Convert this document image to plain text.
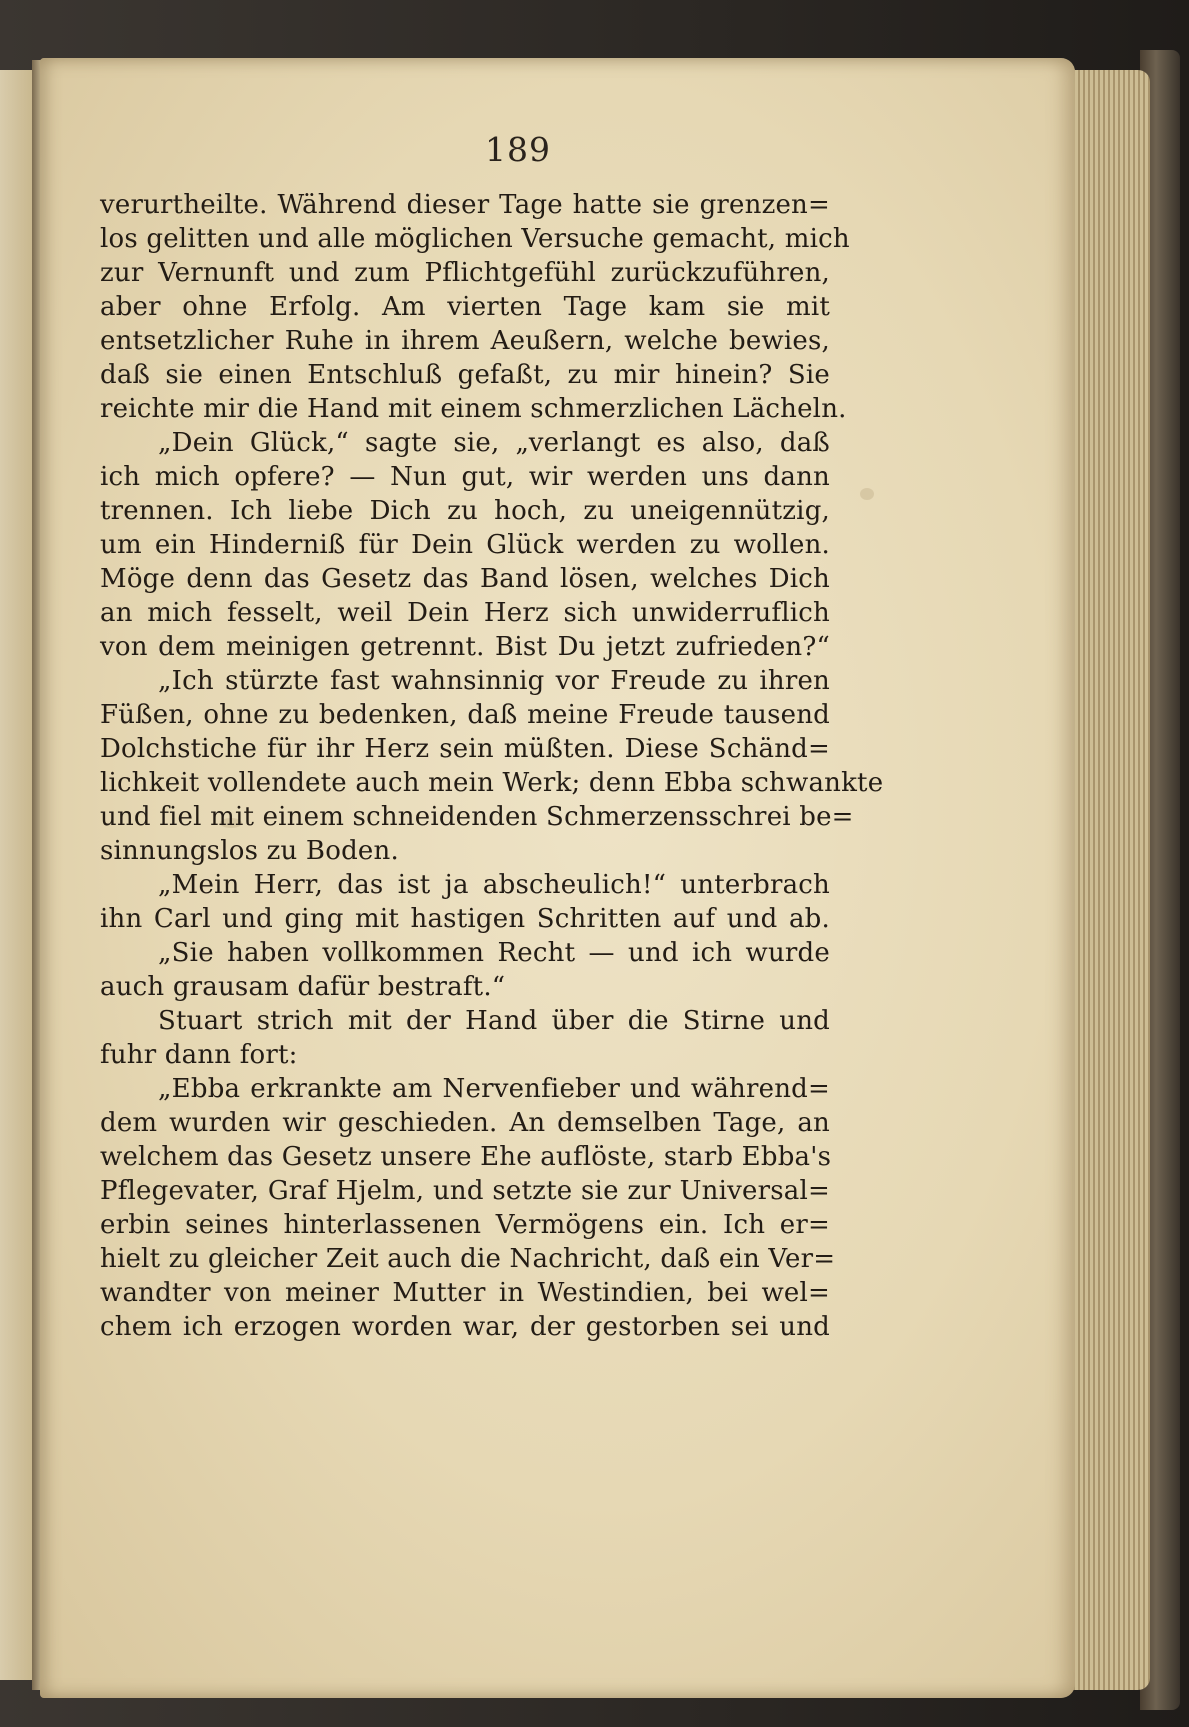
189
verurtheilte. Während dieser Tage hatte sie grenzen=
los gelitten und alle möglichen Versuche gemacht, mich
zur Vernunft und zum Pflichtgefühl zurückzuführen,
aber ohne Erfolg. Am vierten Tage kam sie mit
entsetzlicher Ruhe in ihrem Aeußern, welche bewies,
daß sie einen Entschluß gefaßt, zu mir hinein? Sie
reichte mir die Hand mit einem schmerzlichen Lächeln.
„Dein Glück,“ sagte sie, „verlangt es also, daß
ich mich opfere? — Nun gut, wir werden uns dann
trennen. Ich liebe Dich zu hoch, zu uneigennützig,
um ein Hinderniß für Dein Glück werden zu wollen.
Möge denn das Gesetz das Band lösen, welches Dich
an mich fesselt, weil Dein Herz sich unwiderruflich
von dem meinigen getrennt. Bist Du jetzt zufrieden?“
„Ich stürzte fast wahnsinnig vor Freude zu ihren
Füßen, ohne zu bedenken, daß meine Freude tausend
Dolchstiche für ihr Herz sein müßten. Diese Schänd=
lichkeit vollendete auch mein Werk; denn Ebba schwankte
und fiel mit einem schneidenden Schmerzensschrei be=
sinnungslos zu Boden.
„Mein Herr, das ist ja abscheulich!“ unterbrach
ihn Carl und ging mit hastigen Schritten auf und ab.
„Sie haben vollkommen Recht — und ich wurde
auch grausam dafür bestraft.“
Stuart strich mit der Hand über die Stirne und
fuhr dann fort:
„Ebba erkrankte am Nervenfieber und während=
dem wurden wir geschieden. An demselben Tage, an
welchem das Gesetz unsere Ehe auflöste, starb Ebba's
Pflegevater, Graf Hjelm, und setzte sie zur Universal=
erbin seines hinterlassenen Vermögens ein. Ich er=
hielt zu gleicher Zeit auch die Nachricht, daß ein Ver=
wandter von meiner Mutter in Westindien, bei wel=
chem ich erzogen worden war, der gestorben sei und
